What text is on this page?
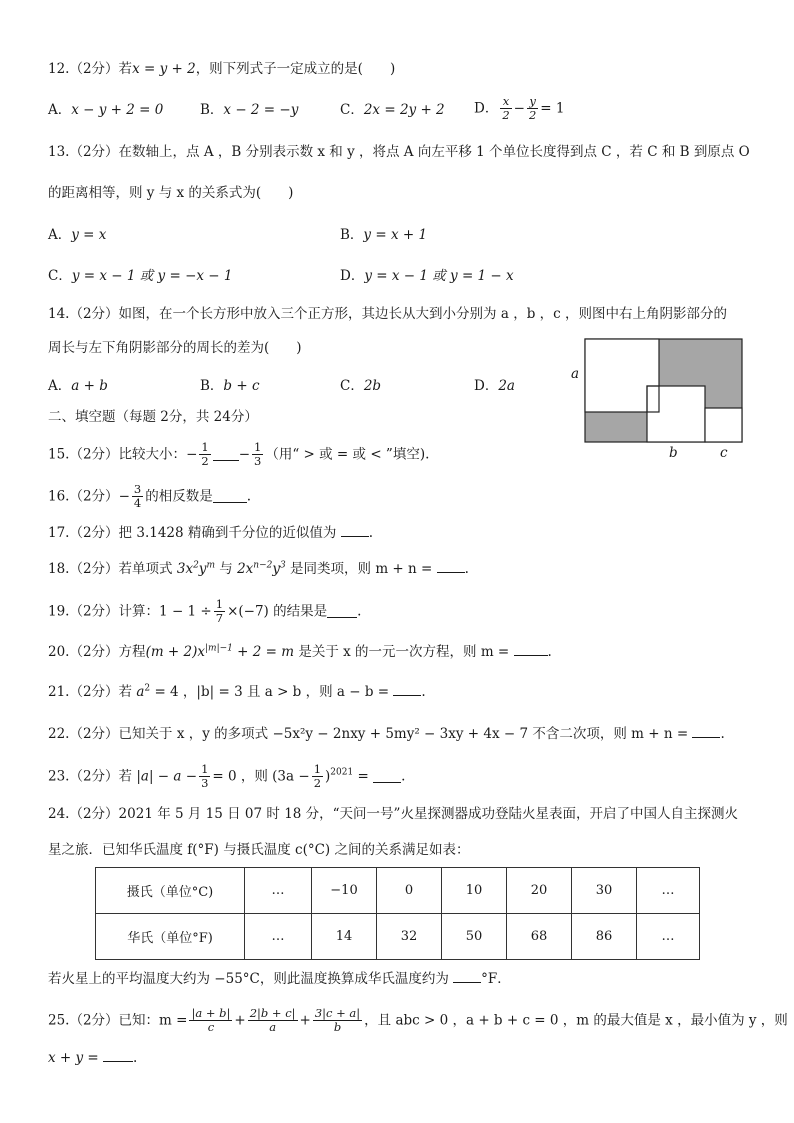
12.（2分）若x = y + 2，则下列式子一定成立的是(　　)
A．x − y + 2 = 0	B．x − 2 = −y	C．2x = 2y + 2 D． $\frac{x}{2} - \frac{y}{2} = 1$
13.（2分）在数轴上，点 A ，B 分别表示数 x 和 y ，将点 A 向左平移 1 个单位长度得到点 C ，若 C 和 B 到原点 O
的距离相等，则 y 与 x 的关系式为(　　)
A．y = x	B．y = x + 1
C．y = x − 1 或 y = −x − 1	D．y = x − 1 或 y = 1 − x
14.（2分）如图，在一个长方形中放入三个正方形，其边长从大到小分别为 a ，b ，c ，则图中右上角阴影部分的
周长与左下角阴影部分的周长的差为(　　)
A．a + b	B．b + c	C．2b	D．2a
a
b	c
二、填空题（每题 2分，共 24分）
15.（2分）比较大小：− $\frac{1}{2} - \frac{1}{3}$ （用“ > 或 = 或 < ”填空).
16.（2分）− $\frac{3}{4}$ 的相反数是	.
17.（2分）把 3.1428 精确到千分位的近似值为 .
18.（2分）若单项式 $3x^2y^m$ 与 $2x^{n-2}y^3$ 是同类项，则 m + n = .
19.（2分）计算：$1 - 1 \div \frac{1}{7} \times(-7)$ 的结果是 .
20.（2分）方程$(m + 2)x^{|m|-1} + 2 = m$ 是关于 x 的一元一次方程，则 m =	.
21.（2分）若 $a^2 = 4$ ，|b| = 3 且 a > b ，则 a − b = .
22.（2分）已知关于 x ，y 的多项式 −5x²y − 2nxy + 5my² − 3xy + 4x − 7 不含二次项，则 m + n = .
23.（2分）若 $|a| - a - \frac{1}{3} = 0$ ，则 $(3a - \frac{1}{2} )^{2021}$ = .
24.（2分）2021 年 5 月 15 日 07 时 18 分，“天问一号”火星探测器成功登陆火星表面，开启了中国人自主探测火
星之旅．已知华氏温度 f(°F) 与摄氏温度 c(°C) 之间的关系满足如表：
摄氏（单位°C)	…	−10	0	10	20	30	…
华氏（单位°F)	…	14	32	50	68	86	…
若火星上的平均温度大约为 −55°C，则此温度换算成华氏温度约为 °F．
25.（2分）已知：$m = \frac{|a + b|}{c} + \frac{2|b + c|}{a} + \frac{3|c + a|}{b}$ ，且 abc > 0 ，a + b + c = 0 ，m 的最大值是 x ，最小值为 y ，则
x + y =	.
